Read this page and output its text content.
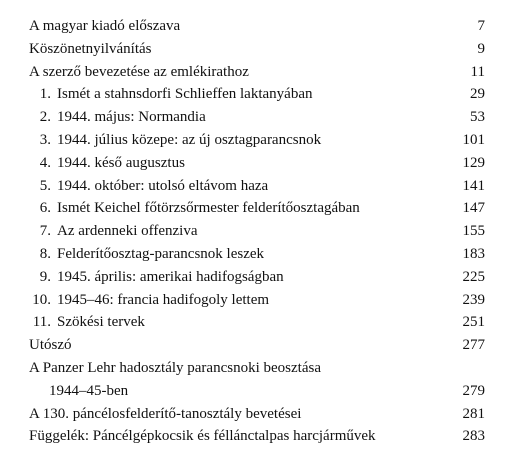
A magyar kiadó előszava	7
Köszönetnyilvánítás	9
A szerző bevezetése az emlékirathoz	11
1. Ismét a stahnsdorfi Schlieffen laktanyában	29
2. 1944. május: Normandia	53
3. 1944. július közepe: az új osztagparancsnok	101
4. 1944. késő augusztus	129
5. 1944. október: utolsó eltávom haza	141
6. Ismét Keichel főtörzsőrmester felderítőosztagában	147
7. Az ardenneki offenziva	155
8. Felderítőosztag-parancsnok leszek	183
9. 1945. április: amerikai hadifogságban	225
10. 1945–46: francia hadifogoly lettem	239
11. Szökési tervek	251
Utószó	277
A Panzer Lehr hadosztály parancsnoki beosztása
1944–45-ben	279
A 130. páncélosfelderítő-tanosztály bevetései	281
Függelék: Páncélgépkocsik és féllánctalpas harcjárművek	283
